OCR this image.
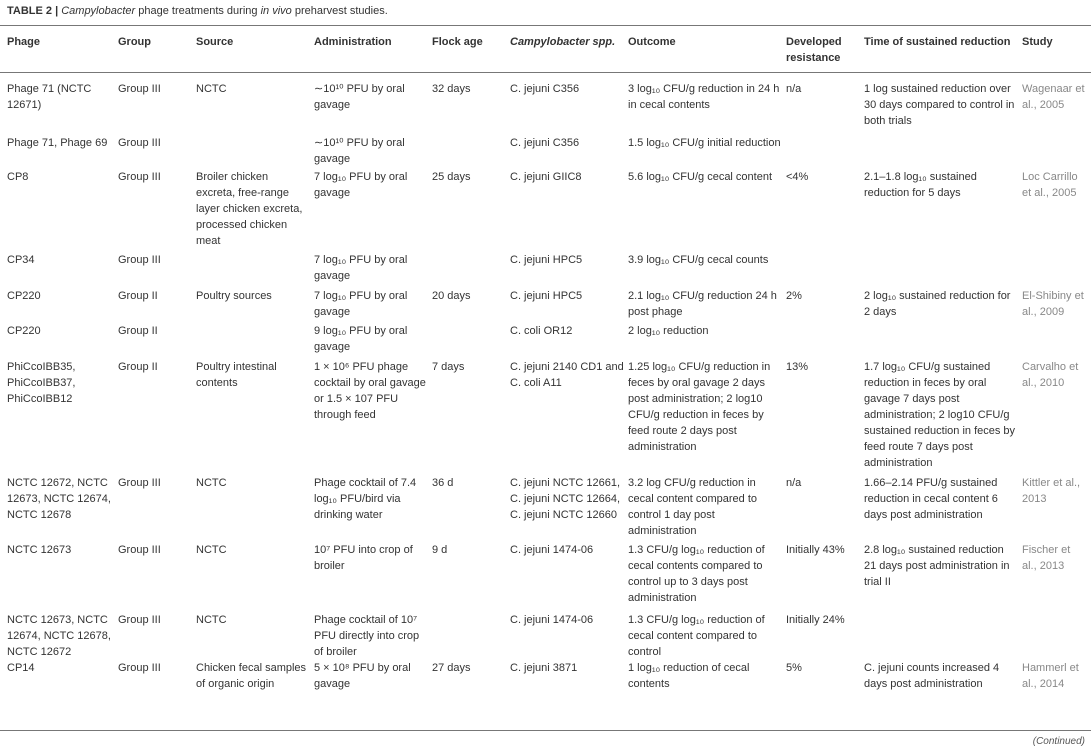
TABLE 2 | Campylobacter phage treatments during in vivo preharvest studies.
Phage	Group	Source	Administration	Flock age	Campylobacter spp.	Outcome	Developed resistance	Time of sustained reduction	Study
Phage 71 (NCTC 12671)	Group III	NCTC	∼10¹⁰ PFU by oral gavage	32 days	C. jejuni C356	3 log₁₀ CFU/g reduction in 24 h in cecal contents	n/a	1 log sustained reduction over 30 days compared to control in both trials	Wagenaar et al., 2005
Phage 71, Phage 69	Group III		∼10¹⁰ PFU by oral gavage		C. jejuni C356	1.5 log₁₀ CFU/g initial reduction			
CP8	Group III	Broiler chicken excreta, free-range layer chicken excreta, processed chicken meat	7 log₁₀ PFU by oral gavage	25 days	C. jejuni GIIC8	5.6 log₁₀ CFU/g cecal content	<4%	2.1–1.8 log₁₀ sustained reduction for 5 days	Loc Carrillo et al., 2005
CP34	Group III		7 log₁₀ PFU by oral gavage		C. jejuni HPC5	3.9 log₁₀ CFU/g cecal counts			
CP220	Group II	Poultry sources	7 log₁₀ PFU by oral gavage	20 days	C. jejuni HPC5	2.1 log₁₀ CFU/g reduction 24 h post phage	2%	2 log₁₀ sustained reduction for 2 days	El-Shibiny et al., 2009
CP220	Group II		9 log₁₀ PFU by oral gavage		C. coli OR12	2 log₁₀ reduction			
PhiCcoIBB35, PhiCcoIBB37, PhiCcoIBB12	Group II	Poultry intestinal contents	1 × 10⁶ PFU phage cocktail by oral gavage or 1.5 × 107 PFU through feed	7 days	C. jejuni 2140 CD1 and C. coli A11	1.25 log₁₀ CFU/g reduction in feces by oral gavage 2 days post administration; 2 log10 CFU/g reduction in feces by feed route 2 days post administration	13%	1.7 log₁₀ CFU/g sustained reduction in feces by oral gavage 7 days post administration; 2 log10 CFU/g sustained reduction in feces by feed route 7 days post administration	Carvalho et al., 2010
NCTC 12672, NCTC 12673, NCTC 12674, NCTC 12678	Group III	NCTC	Phage cocktail of 7.4 log₁₀ PFU/bird via drinking water	36 d	C. jejuni NCTC 12661, C. jejuni NCTC 12664, C. jejuni NCTC 12660	3.2 log CFU/g reduction in cecal content compared to control 1 day post administration	n/a	1.66–2.14 PFU/g sustained reduction in cecal content 6 days post administration	Kittler et al., 2013
NCTC 12673	Group III	NCTC	10⁷ PFU into crop of broiler	9 d	C. jejuni 1474-06	1.3 CFU/g log₁₀ reduction of cecal contents compared to control up to 3 days post administration	Initially 43%	2.8 log₁₀ sustained reduction 21 days post administration in trial II	Fischer et al., 2013
NCTC 12673, NCTC 12674, NCTC 12678, NCTC 12672	Group III	NCTC	Phage cocktail of 10⁷ PFU directly into crop of broiler		C. jejuni 1474-06	1.3 CFU/g log₁₀ reduction of cecal content compared to control	Initially 24%		
CP14	Group III	Chicken fecal samples of organic origin	5 × 10⁸ PFU by oral gavage	27 days	C. jejuni 3871	1 log₁₀ reduction of cecal contents	5%	C. jejuni counts increased 4 days post administration	Hammerl et al., 2014
(Continued)
